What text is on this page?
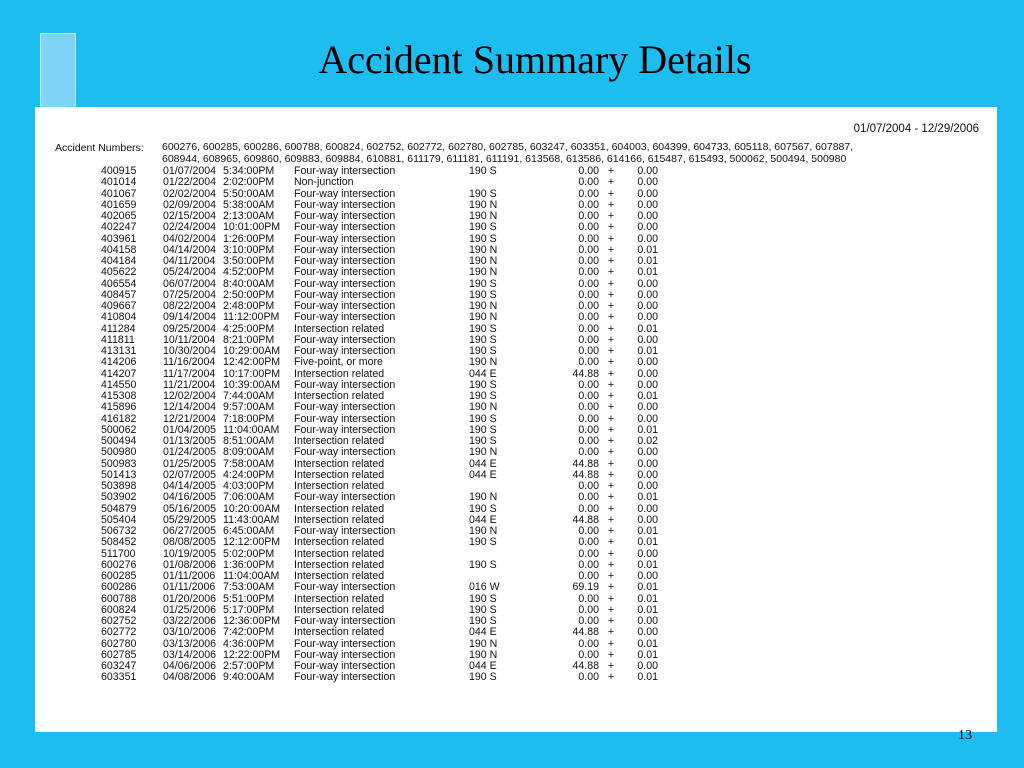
Accident Summary Details
01/07/2004 - 12/29/2006
Accident Numbers: 600276, 600285, 600286, 600788, 600824, 602752, 602772, 602780, 602785, 603247, 603351, 604003, 604399, 604733, 605118, 607567, 607887,
608944, 608965, 609860, 609883, 609884, 610881, 611179, 611181, 611191, 613568, 613586, 614166, 615487, 615493, 500062, 500494, 500980
400915	01/07/2004	5:34:00PM	Four-way intersection	190 S	0.00	+	0.00
401014	01/22/2004	2:02:00PM	Non-junction		0.00	+	0.00
401067	02/02/2004	5:50:00AM	Four-way intersection	190 S	0.00	+	0.00
401659	02/09/2004	5:38:00AM	Four-way intersection	190 N	0.00	+	0.00
402065	02/15/2004	2:13:00AM	Four-way intersection	190 N	0.00	+	0.00
402247	02/24/2004	10:01:00PM	Four-way intersection	190 S	0.00	+	0.00
403961	04/02/2004	1:26:00PM	Four-way intersection	190 S	0.00	+	0.00
404158	04/14/2004	3:10:00PM	Four-way intersection	190 N	0.00	+	0.01
404184	04/11/2004	3:50:00PM	Four-way intersection	190 N	0.00	+	0.01
405622	05/24/2004	4:52:00PM	Four-way intersection	190 N	0.00	+	0.01
406554	06/07/2004	8:40:00AM	Four-way intersection	190 S	0.00	+	0.00
408457	07/25/2004	2:50:00PM	Four-way intersection	190 S	0.00	+	0.00
409667	08/22/2004	2:48:00PM	Four-way intersection	190 N	0.00	+	0.00
410804	09/14/2004	11:12:00PM	Four-way intersection	190 N	0.00	+	0.00
411284	09/25/2004	4:25:00PM	Intersection related	190 S	0.00	+	0.01
411811	10/11/2004	8:21:00PM	Four-way intersection	190 S	0.00	+	0.00
413131	10/30/2004	10:29:00AM	Four-way intersection	190 S	0.00	+	0.01
414206	11/16/2004	12:42:00PM	Five-point, or more	190 N	0.00	+	0.00
414207	11/17/2004	10:17:00PM	Intersection related	044 E	44.88	+	0.00
414550	11/21/2004	10:39:00AM	Four-way intersection	190 S	0.00	+	0.00
415308	12/02/2004	7:44:00AM	Intersection related	190 S	0.00	+	0.01
415896	12/14/2004	9:57:00AM	Four-way intersection	190 N	0.00	+	0.00
416182	12/21/2004	7:18:00PM	Four-way intersection	190 S	0.00	+	0.00
500062	01/04/2005	11:04:00AM	Four-way intersection	190 S	0.00	+	0.01
500494	01/13/2005	8:51:00AM	Intersection related	190 S	0.00	+	0.02
500980	01/24/2005	8:09:00AM	Four-way intersection	190 N	0.00	+	0.00
500983	01/25/2005	7:58:00AM	Intersection related	044 E	44.88	+	0.00
501413	02/07/2005	4:24:00PM	Intersection related	044 E	44.88	+	0.00
503898	04/14/2005	4:03:00PM	Intersection related		0.00	+	0.00
503902	04/16/2005	7:06:00AM	Four-way intersection	190 N	0.00	+	0.01
504879	05/16/2005	10:20:00AM	Intersection related	190 S	0.00	+	0.00
505404	05/29/2005	11:43:00AM	Intersection related	044 E	44.88	+	0.00
506732	06/27/2005	6:45:00AM	Four-way intersection	190 N	0.00	+	0.01
508452	08/08/2005	12:12:00PM	Intersection related	190 S	0.00	+	0.01
511700	10/19/2005	5:02:00PM	Intersection related		0.00	+	0.00
600276	01/08/2006	1:36:00PM	Intersection related	190 S	0.00	+	0.01
600285	01/11/2006	11:04:00AM	Intersection related		0.00	+	0.00
600286	01/11/2006	7:53:00AM	Four-way intersection	016 W	69.19	+	0.01
600788	01/20/2006	5:51:00PM	Intersection related	190 S	0.00	+	0.01
600824	01/25/2006	5:17:00PM	Intersection related	190 S	0.00	+	0.01
602752	03/22/2006	12:36:00PM	Four-way intersection	190 S	0.00	+	0.00
602772	03/10/2006	7:42:00PM	Intersection related	044 E	44.88	+	0.00
602780	03/13/2006	4:36:00PM	Four-way intersection	190 N	0.00	+	0.01
602785	03/14/2006	12:22:00PM	Four-way intersection	190 N	0.00	+	0.01
603247	04/06/2006	2:57:00PM	Four-way intersection	044 E	44.88	+	0.00
603351	04/08/2006	9:40:00AM	Four-way intersection	190 S	0.00	+	0.01
13
